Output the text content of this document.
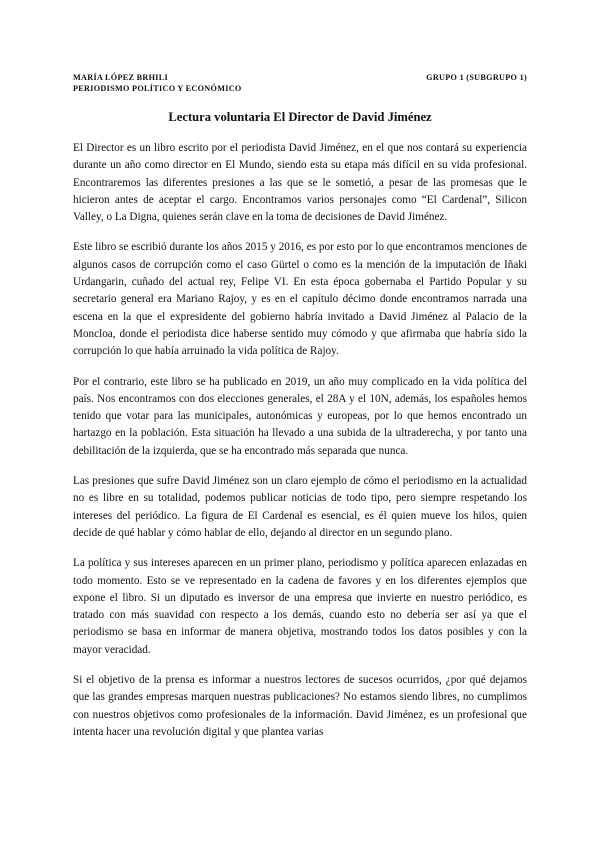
MARÍA LÓPEZ BRHILI	GRUPO 1 (SUBGRUPO 1)
PERIODISMO POLÍTICO Y ECONÓMICO
Lectura voluntaria El Director de David Jiménez

El Director es un libro escrito por el periodista David Jiménez, en el que nos contará su experiencia durante un año como director en El Mundo, siendo esta su etapa más difícil en su vida profesional. Encontraremos las diferentes presiones a las que se le sometió, a pesar de las promesas que le hicieron antes de aceptar el cargo. Encontramos varios personajes como “El Cardenal”, Silicon Valley, o La Digna, quienes serán clave en la toma de decisiones de David Jiménez.

Este libro se escribió durante los años 2015 y 2016, es por esto por lo que encontramos menciones de algunos casos de corrupción como el caso Gürtel o como es la mención de la imputación de Iñaki Urdangarin, cuñado del actual rey, Felipe VI. En esta época gobernaba el Partido Popular y su secretario general era Mariano Rajoy, y es en el capítulo décimo donde encontramos narrada una escena en la que el expresidente del gobierno habría invitado a David Jiménez al Palacio de la Moncloa, donde el periodista dice haberse sentido muy cómodo y que afirmaba que habría sido la corrupción lo que había arruinado la vida política de Rajoy.

Por el contrario, este libro se ha publicado en 2019, un año muy complicado en la vida política del país. Nos encontramos con dos elecciones generales, el 28A y el 10N, además, los españoles hemos tenido que votar para las municipales, autonómicas y europeas, por lo que hemos encontrado un hartazgo en la población. Esta situación ha llevado a una subida de la ultraderecha, y por tanto una debilitación de la izquierda, que se ha encontrado más separada que nunca.

Las presiones que sufre David Jiménez son un claro ejemplo de cómo el periodismo en la actualidad no es libre en su totalidad, podemos publicar noticias de todo tipo, pero siempre respetando los intereses del periódico. La figura de El Cardenal es esencial, es él quien mueve los hilos, quien decide de qué hablar y cómo hablar de ello, dejando al director en un segundo plano.

La política y sus intereses aparecen en un primer plano, periodismo y política aparecen enlazadas en todo momento. Esto se ve representado en la cadena de favores y en los diferentes ejemplos que expone el libro. Si un diputado es inversor de una empresa que invierte en nuestro periódico, es tratado con más suavidad con respecto a los demás, cuando esto no debería ser así ya que el periodismo se basa en informar de manera objetiva, mostrando todos los datos posibles y con la mayor veracidad.

Si el objetivo de la prensa es informar a nuestros lectores de sucesos ocurridos, ¿por qué dejamos que las grandes empresas marquen nuestras publicaciones? No estamos siendo libres, no cumplimos con nuestros objetivos como profesionales de la información. David Jiménez, es un profesional que intenta hacer una revolución digital y que plantea varias
